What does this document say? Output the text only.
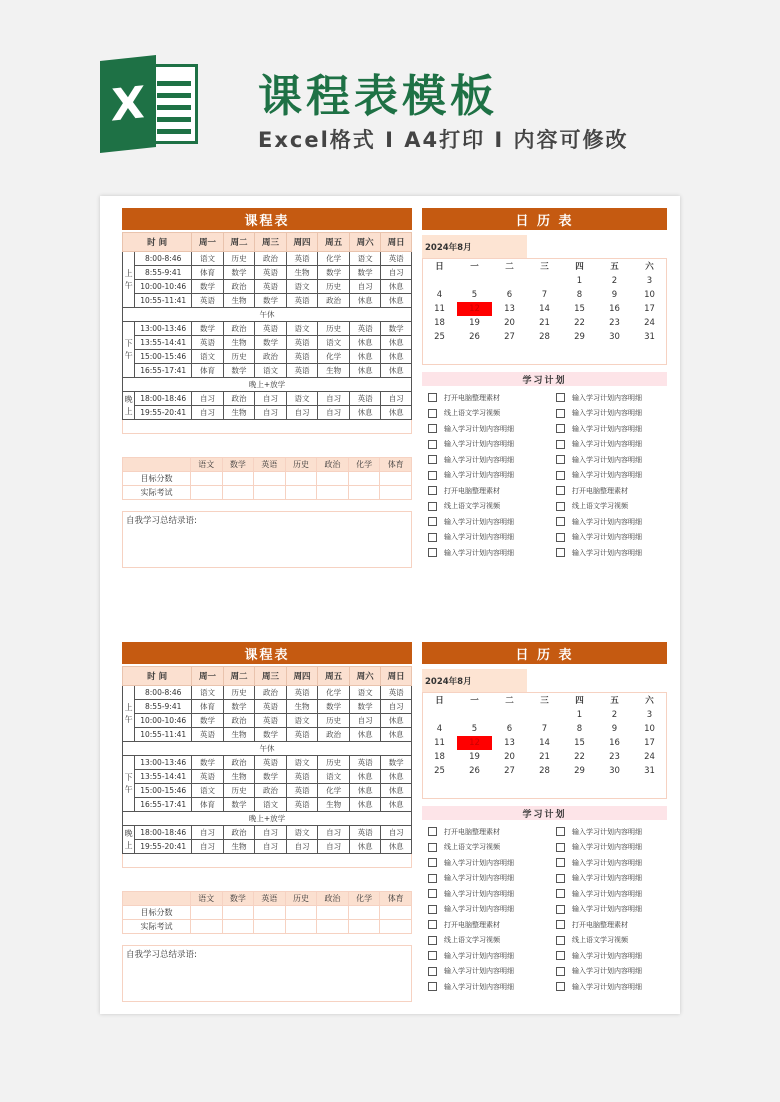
X	课程表模板
Excel格式 I A4打印 I 内容可修改
课程表	日 历 表
时 间		周一	周二	周三	周四	周五	周六	周日
上
午	8:00-8:46	语文	历史	政治	英语	化学	语文	英语
	8:55-9:41	体育	数学	英语	生物	数学	数学	自习
	10:00-10:46	数学	政治	英语	语文	历史	自习	休息
	10:55-11:41	英语	生物	数学	英语	政治	休息	休息
午休								
下
午	13:00-13:46	数学	政治	英语	语文	历史	英语	数学
	13:55-14:41	英语	生物	数学	英语	语文	休息	休息
	15:00-15:46	语文	历史	政治	英语	化学	休息	休息
	16:55-17:41	体育	数学	语文	英语	生物	休息	休息
晚上+放学								
晚
上	18:00-18:46	自习	政治	自习	语文	自习	英语	自习
	19:55-20:41	自习	生物	自习	自习	自习	休息	休息

	语文	数学	英语	历史	政治	化学	体育
目标分数							
实际考试							
自我学习总结录语:
2024年8月
日	一	二	三	四	五	六
				1	2	3
4	5	6	7	8	9	10
11	12	13	14	15	16	17
18	19	20	21	22	23	24
25	26	27	28	29	30	31
学习计划
打开电脑整理素材
线上语文学习视频
输入学习计划内容明细
输入学习计划内容明细
输入学习计划内容明细
输入学习计划内容明细
打开电脑整理素材
线上语文学习视频
输入学习计划内容明细
输入学习计划内容明细
输入学习计划内容明细
输入学习计划内容明细
输入学习计划内容明细
输入学习计划内容明细
输入学习计划内容明细
输入学习计划内容明细
输入学习计划内容明细
打开电脑整理素材
线上语文学习视频
输入学习计划内容明细
输入学习计划内容明细
输入学习计划内容明细
课程表	日 历 表
时 间		周一	周二	周三	周四	周五	周六	周日
上
午	8:00-8:46	语文	历史	政治	英语	化学	语文	英语
	8:55-9:41	体育	数学	英语	生物	数学	数学	自习
	10:00-10:46	数学	政治	英语	语文	历史	自习	休息
	10:55-11:41	英语	生物	数学	英语	政治	休息	休息
午休								
下
午	13:00-13:46	数学	政治	英语	语文	历史	英语	数学
	13:55-14:41	英语	生物	数学	英语	语文	休息	休息
	15:00-15:46	语文	历史	政治	英语	化学	休息	休息
	16:55-17:41	体育	数学	语文	英语	生物	休息	休息
晚上+放学								
晚
上	18:00-18:46	自习	政治	自习	语文	自习	英语	自习
	19:55-20:41	自习	生物	自习	自习	自习	休息	休息

	语文	数学	英语	历史	政治	化学	体育
目标分数							
实际考试							
自我学习总结录语:
2024年8月
日	一	二	三	四	五	六
				1	2	3
4	5	6	7	8	9	10
11	12	13	14	15	16	17
18	19	20	21	22	23	24
25	26	27	28	29	30	31
学习计划
打开电脑整理素材
线上语文学习视频
输入学习计划内容明细
输入学习计划内容明细
输入学习计划内容明细
输入学习计划内容明细
打开电脑整理素材
线上语文学习视频
输入学习计划内容明细
输入学习计划内容明细
输入学习计划内容明细
输入学习计划内容明细
输入学习计划内容明细
输入学习计划内容明细
输入学习计划内容明细
输入学习计划内容明细
输入学习计划内容明细
打开电脑整理素材
线上语文学习视频
输入学习计划内容明细
输入学习计划内容明细
输入学习计划内容明细
